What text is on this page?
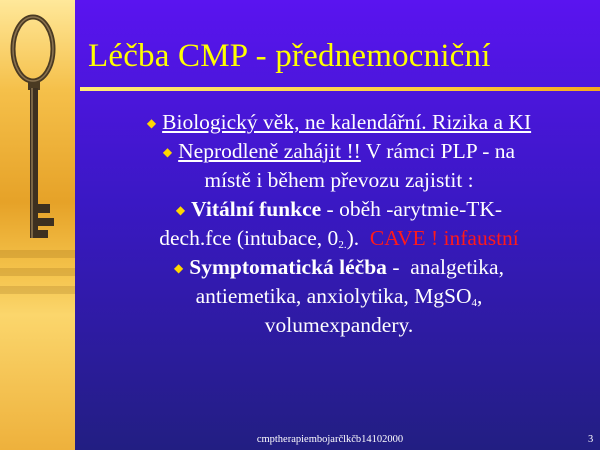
Léčba CMP - přednemocniční
◆ Biologický věk, ne kalendářní. Rizika a KI
◆ Neprodleně zahájit !! V rámci PLP - na
místě i během převozu zajistit :
◆ Vitální funkce - oběh -arytmie-TK-
dech.fce (intubace, $0_{2.}$).  CAVE ! infaustní
◆ Symptomatická léčba -  analgetika,
antiemetika, anxiolytika, MgSO$_4$,
volumexpandery.
cmptherapiembojarčlkčb14102000	3
